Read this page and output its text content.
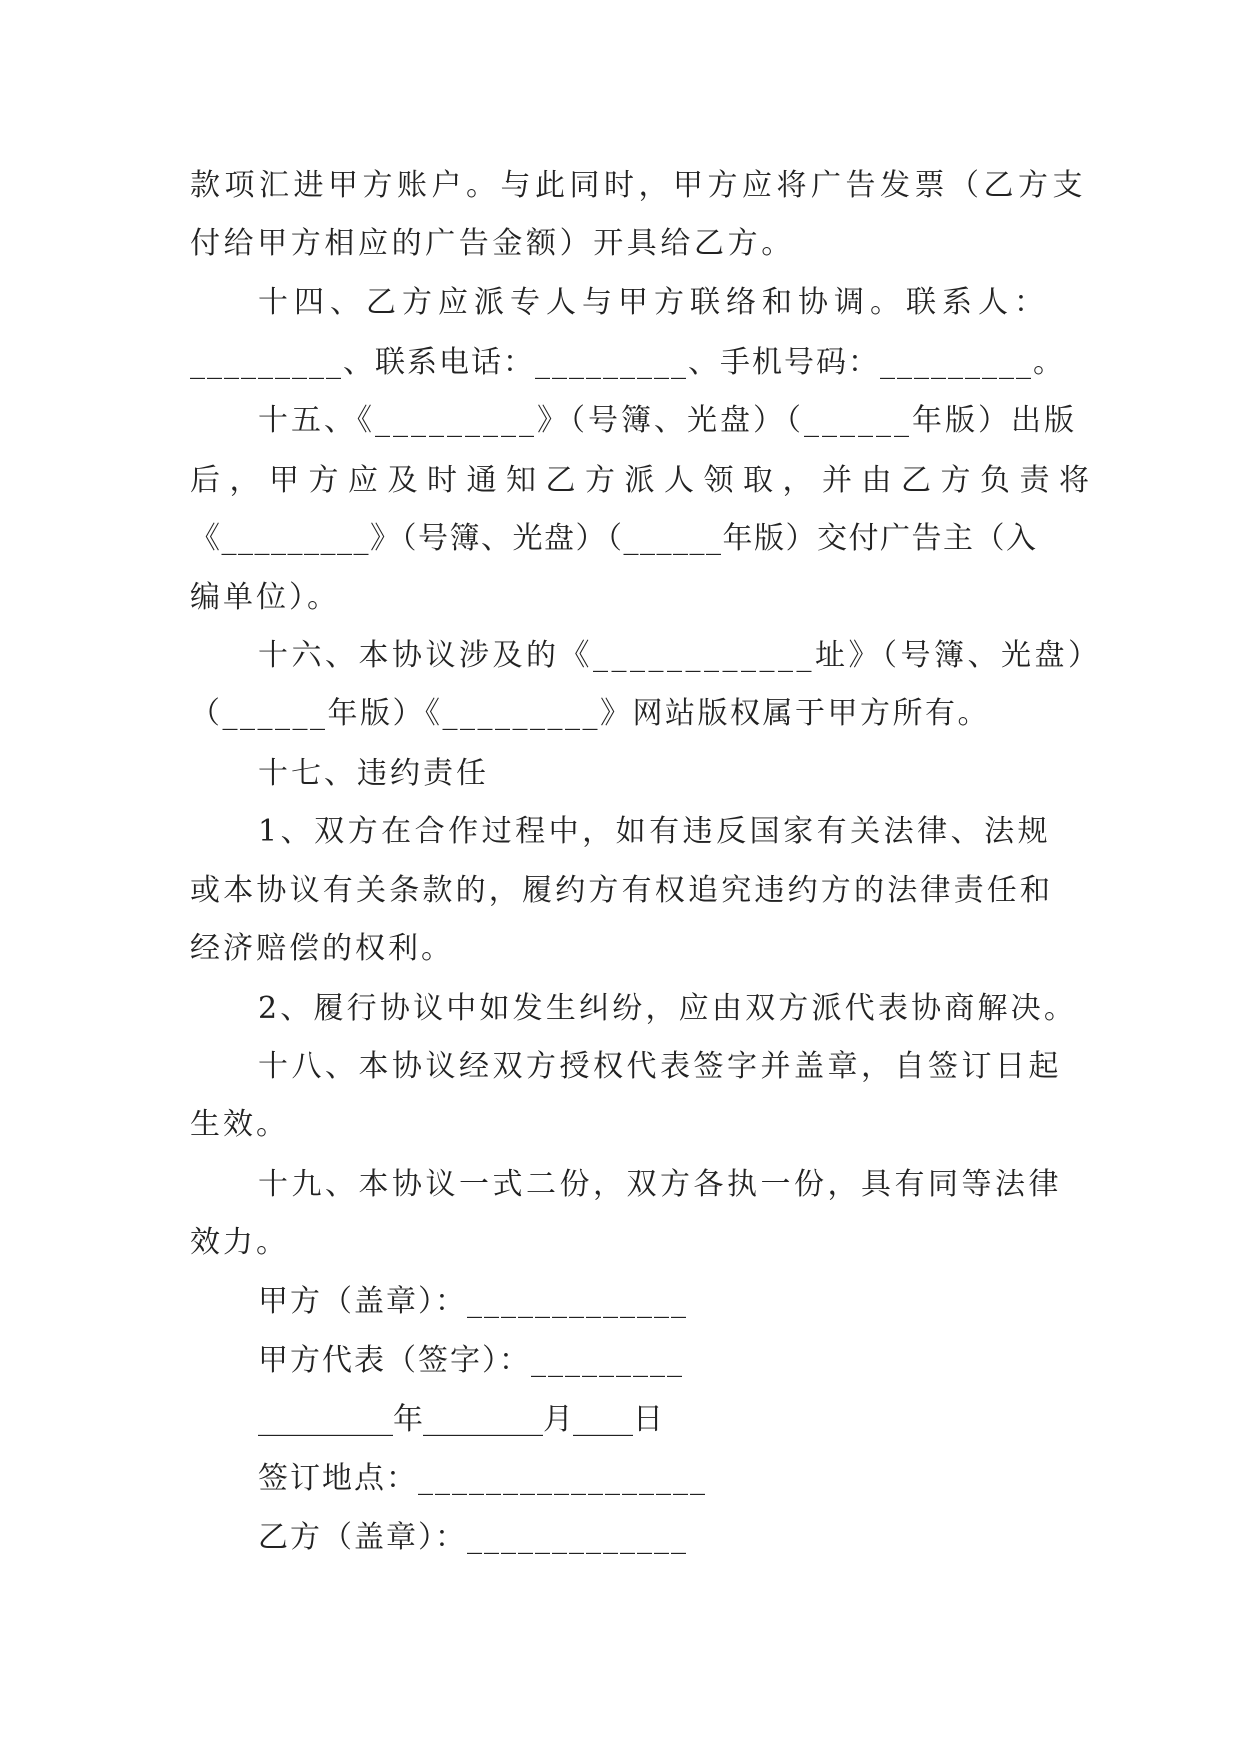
款项汇进甲方账户。与此同时，甲方应将广告发票（乙方支
付给甲方相应的广告金额）开具给乙方。
十四、乙方应派专人与甲方联络和协调。联系人：
_________、联系电话：_________、手机号码：_________。
十五、《_________》（号簿、光盘）（______年版）出版
后，甲方应及时通知乙方派人领取，并由乙方负责将
《_________》（号簿、光盘）（______年版）交付广告主（入
编单位）。
十六、本协议涉及的《____________址》（号簿、光盘）
（______年版）《_________》网站版权属于甲方所有。
十七、违约责任
1、双方在合作过程中，如有违反国家有关法律、法规
或本协议有关条款的，履约方有权追究违约方的法律责任和
经济赔偿的权利。
2、履行协议中如发生纠纷，应由双方派代表协商解决。
十八、本协议经双方授权代表签字并盖章，自签订日起
生效。
十九、本协议一式二份，双方各执一份，具有同等法律
效力。
甲方（盖章）：_____________
甲方代表（签字）：_________
_________年________月____日
签订地点：_________________
乙方（盖章）：_____________
